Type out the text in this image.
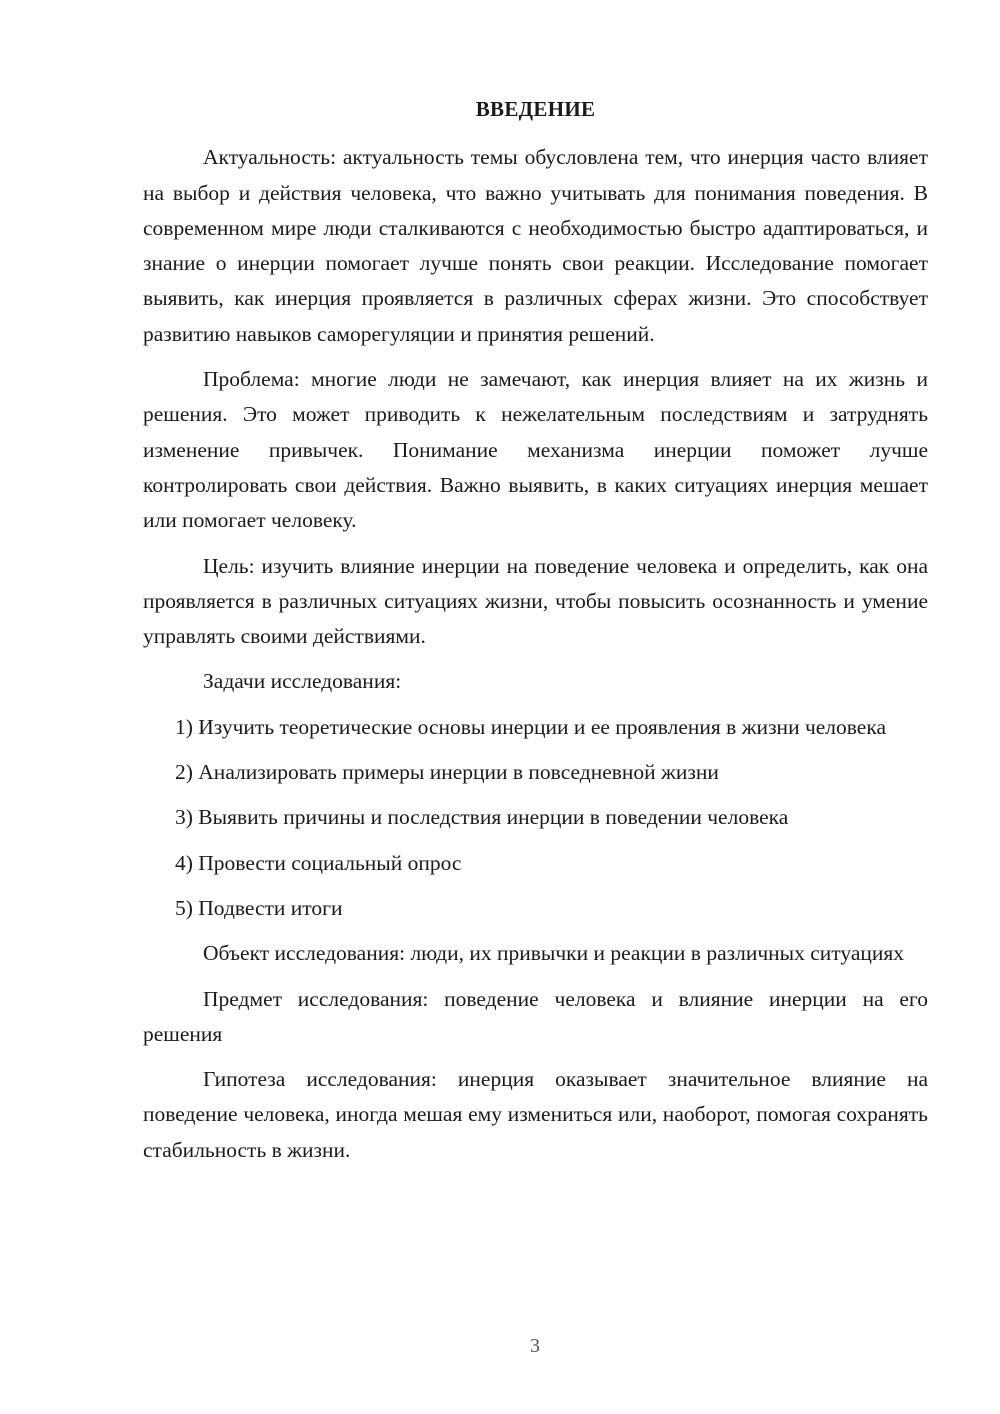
ВВЕДЕНИЕ

Актуальность: актуальность темы обусловлена тем, что инерция часто влияет на выбор и действия человека, что важно учитывать для понимания поведения. В современном мире люди сталкиваются с необходимостью быстро адаптироваться, и знание о инерции помогает лучше понять свои реакции. Исследование помогает выявить, как инерция проявляется в различных сферах жизни. Это способствует развитию навыков саморегуляции и принятия решений.

Проблема: многие люди не замечают, как инерция влияет на их жизнь и решения. Это может приводить к нежелательным последствиям и затруднять изменение привычек. Понимание механизма инерции поможет лучше контролировать свои действия. Важно выявить, в каких ситуациях инерция мешает или помогает человеку.

Цель: изучить влияние инерции на поведение человека и определить, как она проявляется в различных ситуациях жизни, чтобы повысить осознанность и умение управлять своими действиями.

Задачи исследования:

1) Изучить теоретические основы инерции и ее проявления в жизни человека

2) Анализировать примеры инерции в повседневной жизни

3) Выявить причины и последствия инерции в поведении человека

4) Провести социальный опрос

5) Подвести итоги

Объект исследования: люди, их привычки и реакции в различных ситуациях

Предмет исследования: поведение человека и влияние инерции на его решения

Гипотеза исследования: инерция оказывает значительное влияние на поведение человека, иногда мешая ему измениться или, наоборот, помогая сохранять стабильность в жизни.

3
